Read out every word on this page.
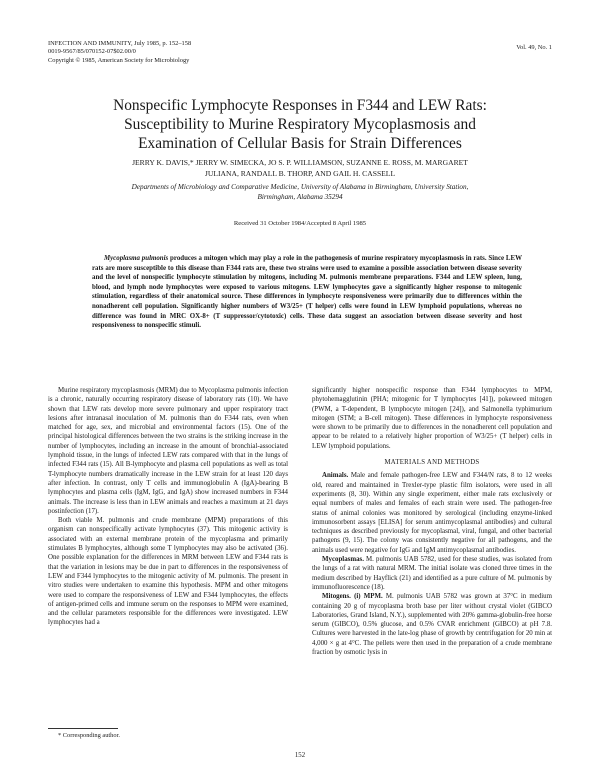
INFECTION AND IMMUNITY, July 1985, p. 152–158
0019-9567/85/070152-07$02.00/0
Copyright © 1985, American Society for Microbiology
Vol. 49, No. 1
Nonspecific Lymphocyte Responses in F344 and LEW Rats:
Susceptibility to Murine Respiratory Mycoplasmosis and
Examination of Cellular Basis for Strain Differences
JERRY K. DAVIS,* JERRY W. SIMECKA, JO S. P. WILLIAMSON, SUZANNE E. ROSS, M. MARGARET
JULIANA, RANDALL B. THORP, AND GAIL H. CASSELL
Departments of Microbiology and Comparative Medicine, University of Alabama in Birmingham, University Station,
Birmingham, Alabama 35294
Received 31 October 1984/Accepted 8 April 1985
Mycoplasma pulmonis produces a mitogen which may play a role in the pathogenesis of murine respiratory mycoplasmosis in rats. Since LEW rats are more susceptible to this disease than F344 rats are, these two strains were used to examine a possible association between disease severity and the level of nonspecific lymphocyte stimulation by mitogens, including M. pulmonis membrane preparations. F344 and LEW spleen, lung, blood, and lymph node lymphocytes were exposed to various mitogens. LEW lymphocytes gave a significantly higher response to mitogenic stimulation, regardless of their anatomical source. These differences in lymphocyte responsiveness were primarily due to differences within the nonadherent cell population. Significantly higher numbers of W3/25+ (T helper) cells were found in LEW lymphoid populations, whereas no difference was found in MRC OX-8+ (T suppressor/cytotoxic) cells. These data suggest an association between disease severity and host responsiveness to nonspecific stimuli.

Murine respiratory mycoplasmosis (MRM) due to Mycoplasma pulmonis infection is a chronic, naturally occurring respiratory disease of laboratory rats (10). We have shown that LEW rats develop more severe pulmonary and upper respiratory tract lesions after intranasal inoculation of M. pulmonis than do F344 rats, even when matched for age, sex, and microbial and environmental factors (15). One of the principal histological differences between the two strains is the striking increase in the number of lymphocytes, including an increase in the amount of bronchial-associated lymphoid tissue, in the lungs of infected LEW rats compared with that in the lungs of infected F344 rats (15). All B-lymphocyte and plasma cell populations as well as total T-lymphocyte numbers dramatically increase in the LEW strain for at least 120 days after infection. In contrast, only T cells and immunoglobulin A (IgA)-bearing B lymphocytes and plasma cells (IgM, IgG, and IgA) show increased numbers in F344 animals. The increase is less than in LEW animals and reaches a maximum at 21 days postinfection (17).

Both viable M. pulmonis and crude membrane (MPM) preparations of this organism can nonspecifically activate lymphocytes (37). This mitogenic activity is associated with an external membrane protein of the mycoplasma and primarily stimulates B lymphocytes, although some T lymphocytes may also be activated (36). One possible explanation for the differences in MRM between LEW and F344 rats is that the variation in lesions may be due in part to differences in the responsiveness of LEW and F344 lymphocytes to the mitogenic activity of M. pulmonis. The present in vitro studies were undertaken to examine this hypothesis. MPM and other mitogens were used to compare the responsiveness of LEW and F344 lymphocytes, the effects of antigen-primed cells and immune serum on the responses to MPM were examined, and the cellular parameters responsible for the differences were investigated. LEW lymphocytes had a

significantly higher nonspecific response than F344 lymphocytes to MPM, phytohemagglutinin (PHA; mitogenic for T lymphocytes [41]), pokeweed mitogen (PWM, a T-dependent, B lymphocyte mitogen [24]), and Salmonella typhimurium mitogen (STM; a B-cell mitogen). These differences in lymphocyte responsiveness were shown to be primarily due to differences in the nonadherent cell population and appear to be related to a relatively higher proportion of W3/25+ (T helper) cells in LEW lymphoid populations.

MATERIALS AND METHODS

Animals. Male and female pathogen-free LEW and F344/N rats, 8 to 12 weeks old, reared and maintained in Trexler-type plastic film isolators, were used in all experiments (8, 30). Within any single experiment, either male rats exclusively or equal numbers of males and females of each strain were used. The pathogen-free status of animal colonies was monitored by serological (including enzyme-linked immunosorbent assays [ELISA] for serum antimycoplasmal antibodies) and cultural techniques as described previously for mycoplasmal, viral, fungal, and other bacterial pathogens (9, 15). The colony was consistently negative for all pathogens, and the animals used were negative for IgG and IgM antimycoplasmal antibodies.

Mycoplasmas. M. pulmonis UAB 5782, used for these studies, was isolated from the lungs of a rat with natural MRM. The initial isolate was cloned three times in the medium described by Hayflick (21) and identified as a pure culture of M. pulmonis by immunofluorescence (18).

Mitogens. (i) MPM. M. pulmonis UAB 5782 was grown at 37°C in medium containing 20 g of mycoplasma broth base per liter without crystal violet (GIBCO Laboratories, Grand Island, N.Y.), supplemented with 20% gamma-globulin-free horse serum (GIBCO), 0.5% glucose, and 0.5% CVAR enrichment (GIBCO) at pH 7.8. Cultures were harvested in the late-log phase of growth by centrifugation for 20 min at 4,000 × g at 4°C. The pellets were then used in the preparation of a crude membrane fraction by osmotic lysis in

* Corresponding author.
152
